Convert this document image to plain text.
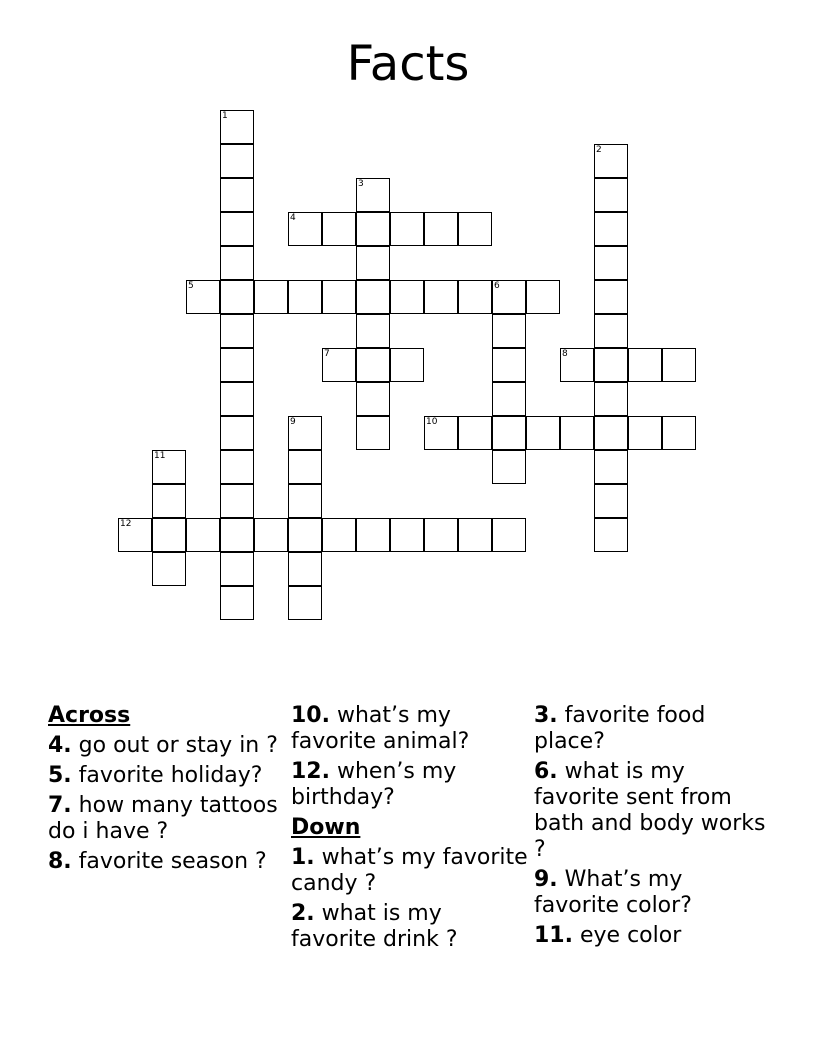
Facts
1
2
3
4
5	6
7	8
9	10
11
12
Across
4. go out or stay in ?
5. favorite holiday?
7. how many tattoos do i have ?
8. favorite season ?
10. what’s my favorite animal?
12. when’s my birthday?
Down
1. what’s my favorite candy ?
2. what is my favorite drink ?
3. favorite food place?
6. what is my favorite sent from bath and body works ?
9. What’s my favorite color?
11. eye color
